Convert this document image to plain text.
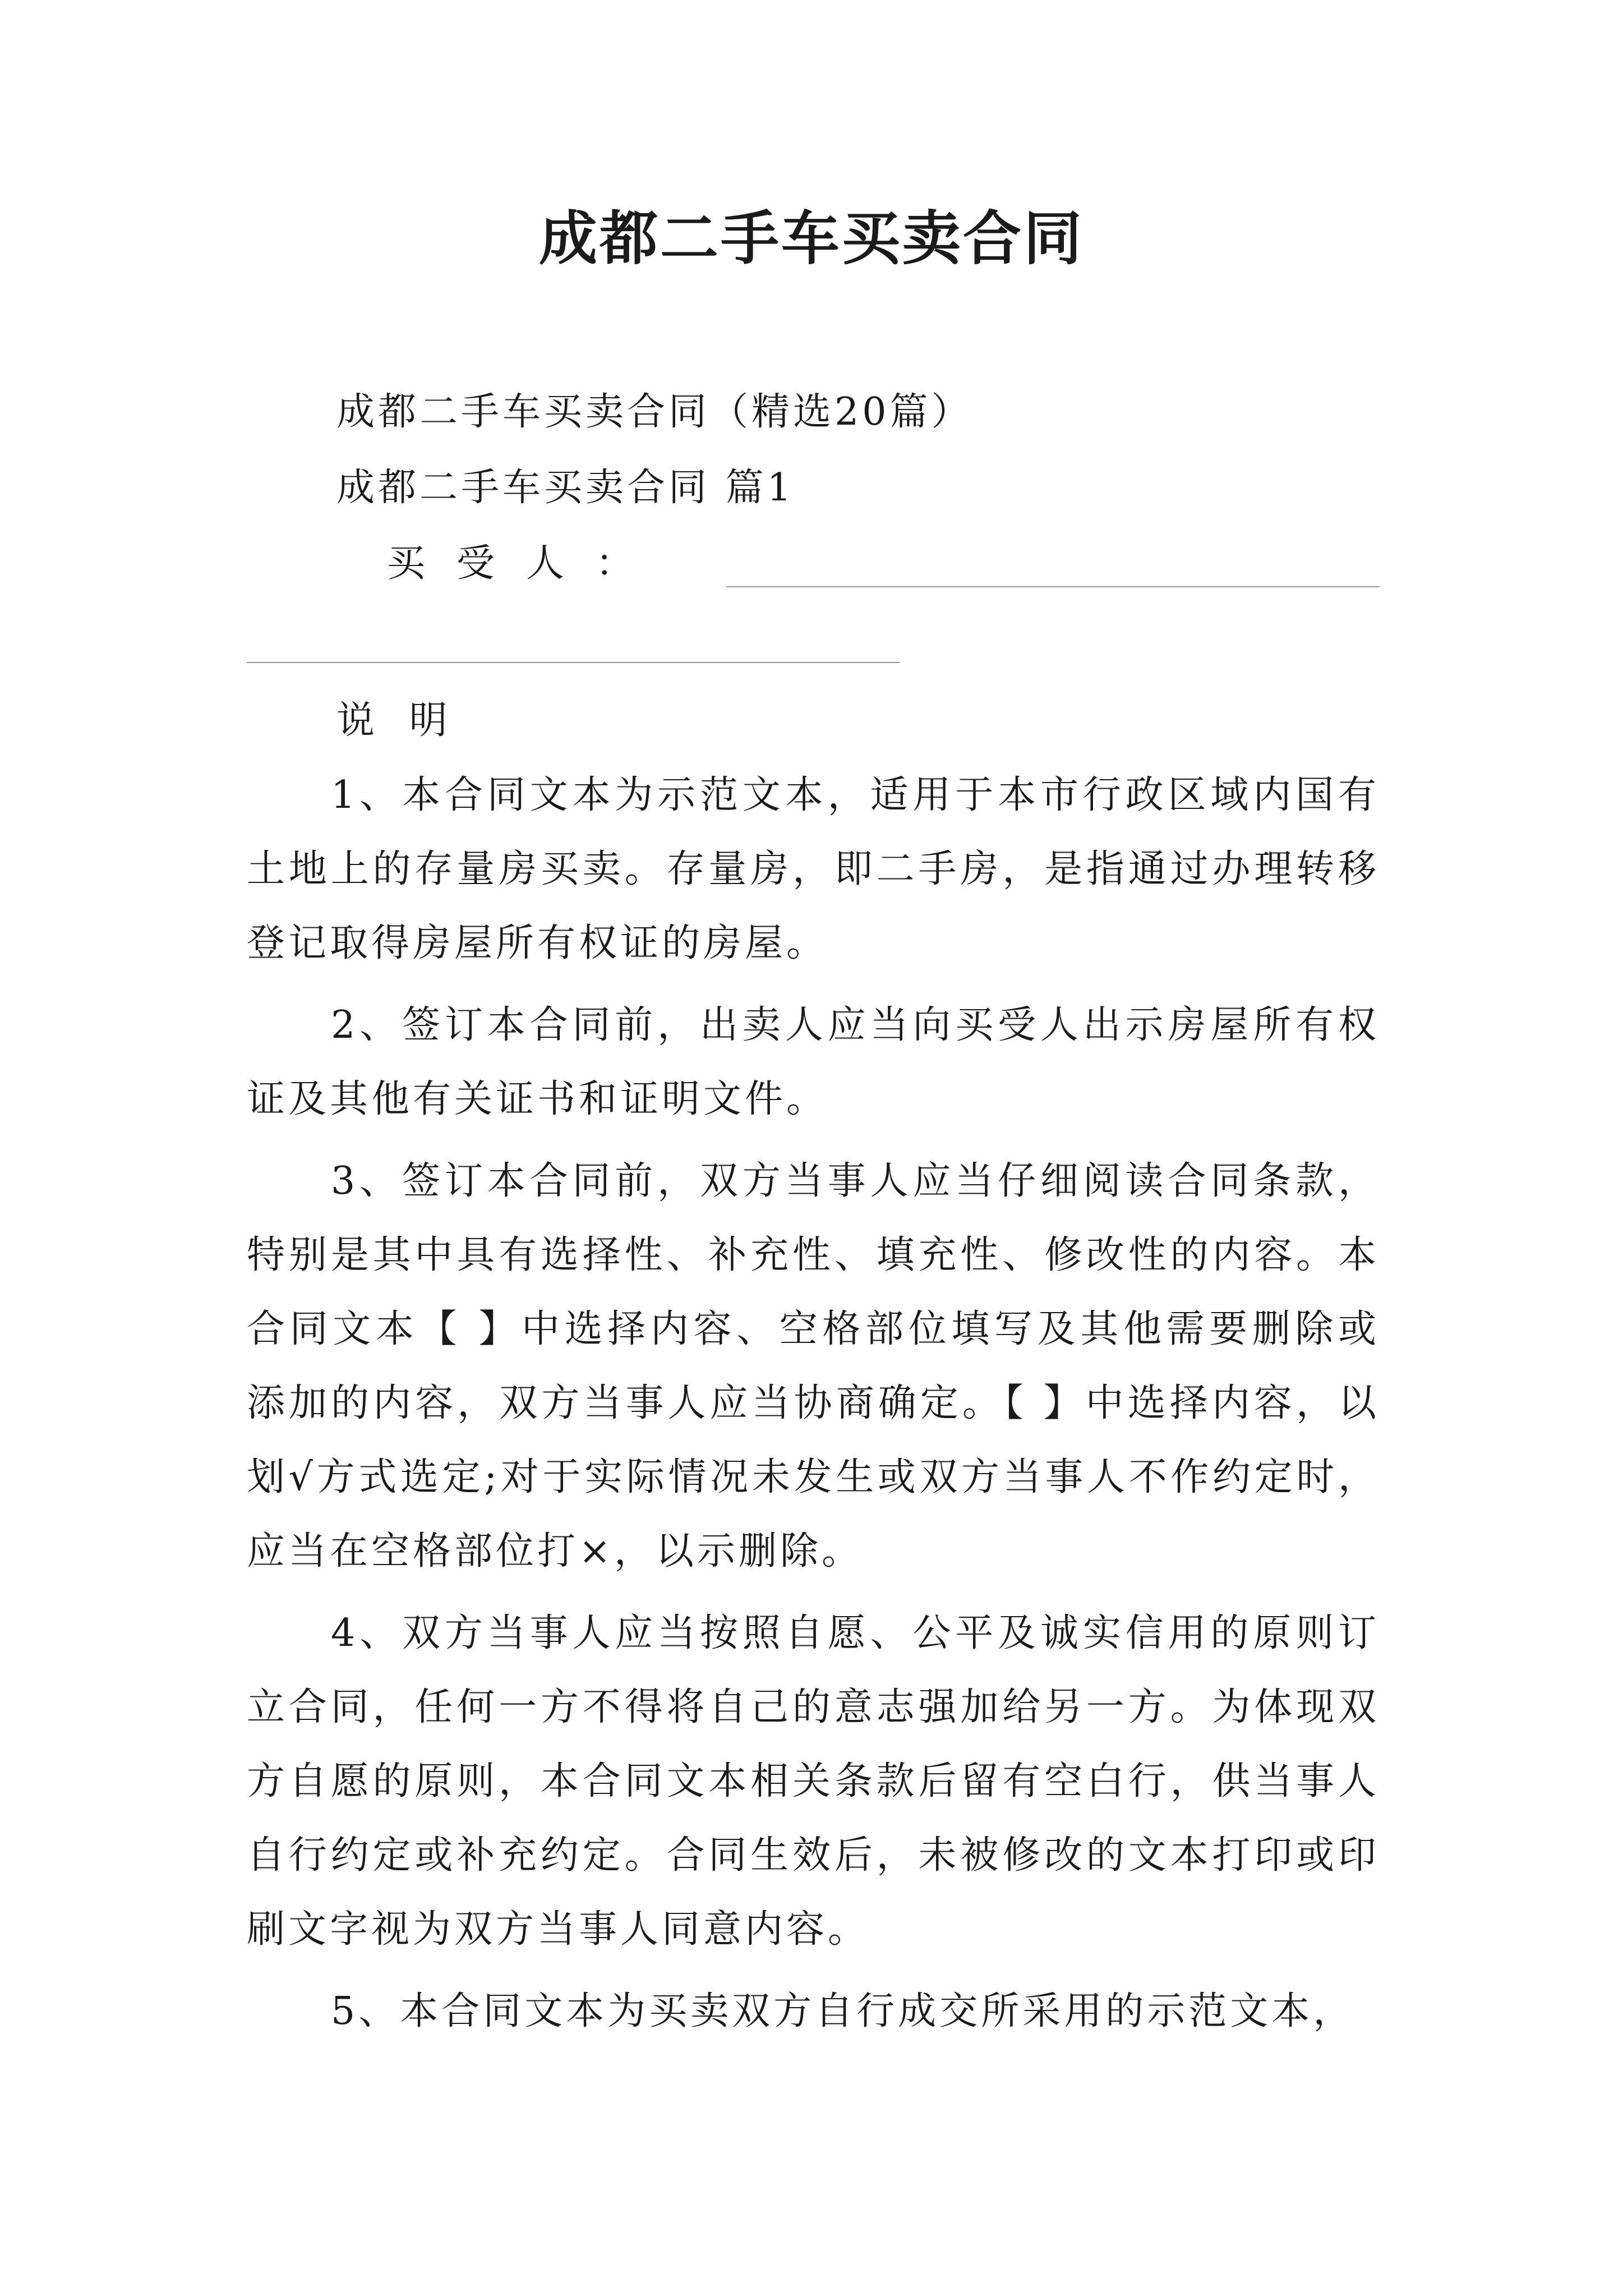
成都二手车买卖合同
成都二手车买卖合同（精选20篇）
成都二手车买卖合同 篇1
买受人：
说 明

1、本合同文本为示范文本，适用于本市行政区域内国有土地上的存量房买卖。存量房，即二手房，是指通过办理转移登记取得房屋所有权证的房屋。

2、签订本合同前，出卖人应当向买受人出示房屋所有权证及其他有关证书和证明文件。

3、签订本合同前，双方当事人应当仔细阅读合同条款，特别是其中具有选择性、补充性、填充性、修改性的内容。本合同文本【 】中选择内容、空格部位填写及其他需要删除或添加的内容，双方当事人应当协商确定。【 】中选择内容，以划√方式选定;对于实际情况未发生或双方当事人不作约定时，应当在空格部位打×，以示删除。

4、双方当事人应当按照自愿、公平及诚实信用的原则订立合同，任何一方不得将自己的意志强加给另一方。为体现双方自愿的原则，本合同文本相关条款后留有空白行，供当事人自行约定或补充约定。合同生效后，未被修改的文本打印或印刷文字视为双方当事人同意内容。

5、本合同文本为买卖双方自行成交所采用的示范文本，
